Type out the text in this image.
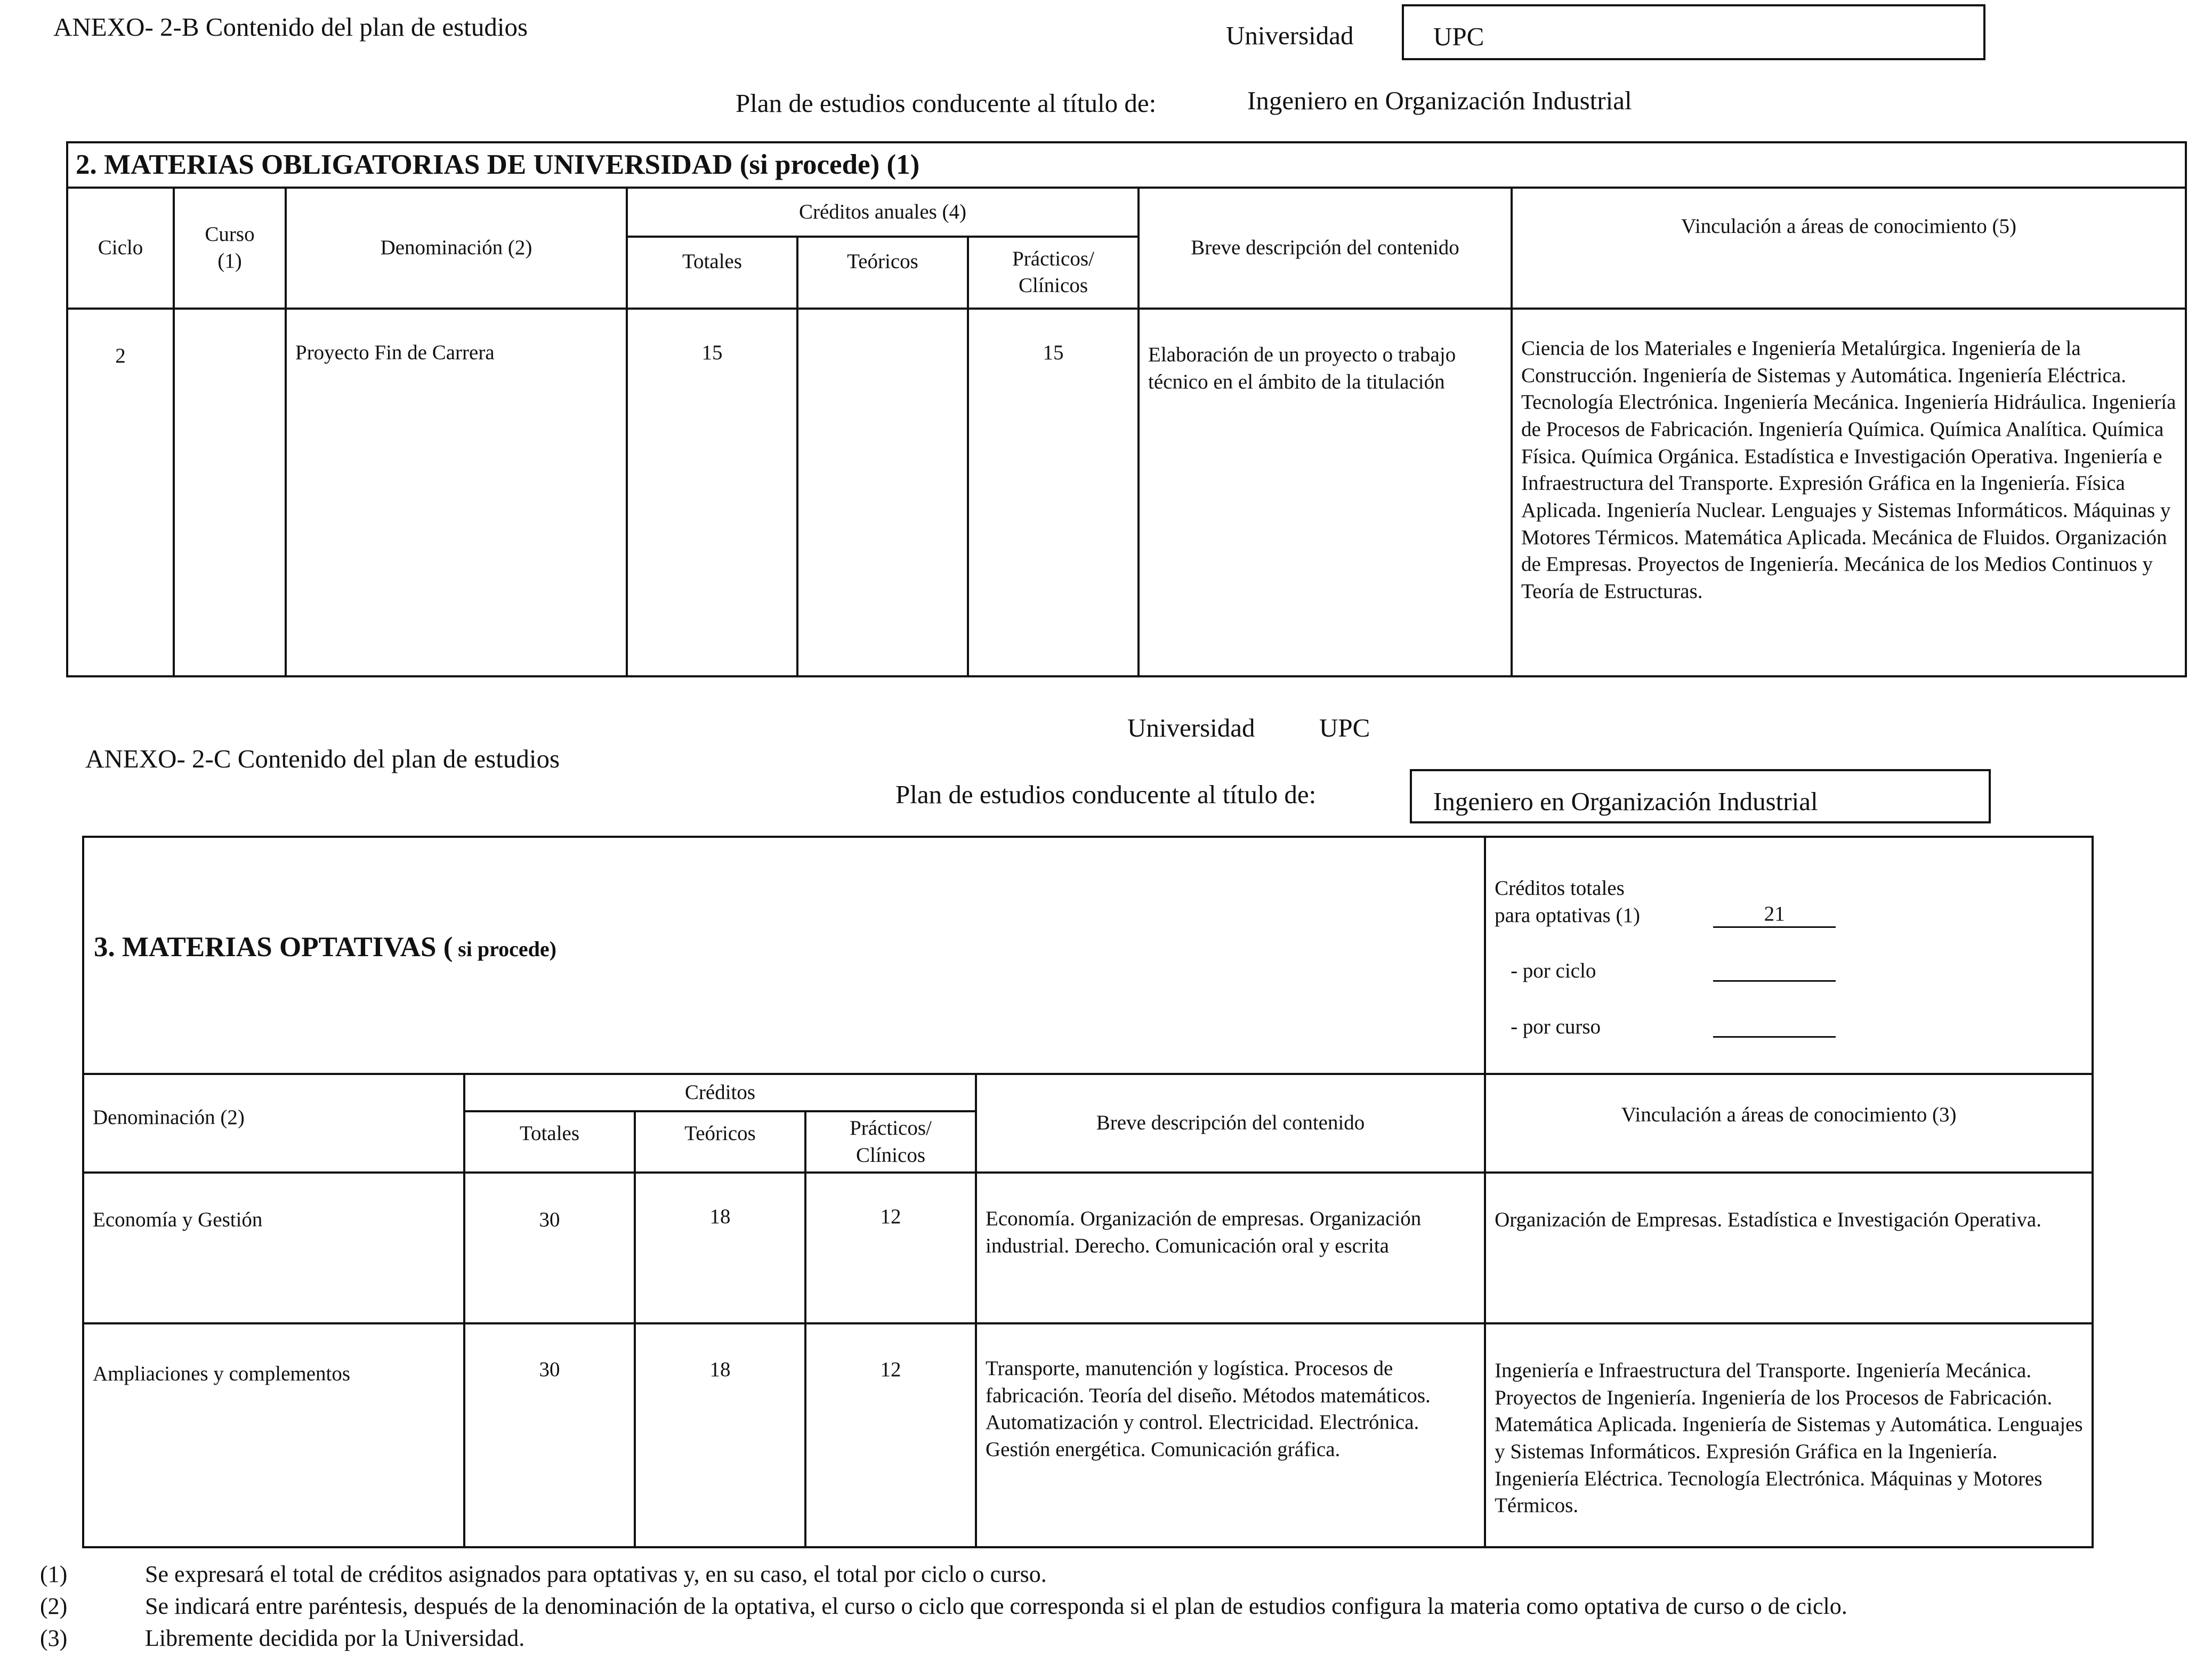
ANEXO- 2-B Contenido del plan de estudios	Universidad	UPC
Plan de estudios conducente al título de:	Ingeniero en Organización Industrial
2. MATERIAS OBLIGATORIAS DE UNIVERSIDAD (si procede) (1)							
Ciclo	Curso (1)	Denominación (2)	Créditos anuales (4)			Breve descripción del contenido	Vinculación a áreas de conocimiento (5)
			Totales	Teóricos	Prácticos/ Clínicos		
2		Proyecto Fin de Carrera	15		15	Elaboración de un proyecto o trabajo técnico en el ámbito de la titulación	Ciencia de los Materiales e Ingeniería Metalúrgica. Ingeniería de la Construcción. Ingeniería de Sistemas y Automática. Ingeniería Eléctrica. Tecnología Electrónica. Ingeniería Mecánica. Ingeniería Hidráulica. Ingeniería de Procesos de Fabricación. Ingeniería Química. Química Analítica. Química Física. Química Orgánica. Estadística e Investigación Operativa. Ingeniería e Infraestructura del Transporte. Expresión Gráfica en la Ingeniería. Física Aplicada. Ingeniería Nuclear. Lenguajes y Sistemas Informáticos. Máquinas y Motores Térmicos. Matemática Aplicada. Mecánica de Fluidos. Organización de Empresas. Proyectos de Ingeniería. Mecánica de los Medios Continuos y Teoría de Estructuras.
Universidad UPC
ANEXO- 2-C Contenido del plan de estudios
Plan de estudios conducente al título de:	Ingeniero en Organización Industrial
3. MATERIAS OPTATIVAS ( si procede)					Créditos totales
para optativas (1) 21
- por ciclo
- por curso

Denominación (2)	Créditos			Breve descripción del contenido	Vinculación a áreas de conocimiento (3)
	Totales	Teóricos	Prácticos/ Clínicos		
Economía y Gestión	30	18	12	Economía. Organización de empresas. Organización industrial. Derecho. Comunicación oral y escrita	Organización de Empresas. Estadística e Investigación Operativa.
Ampliaciones y complementos	30	18	12	Transporte, manutención y logística. Procesos de fabricación. Teoría del diseño. Métodos matemáticos. Automatización y control. Electricidad. Electrónica. Gestión energética. Comunicación gráfica.	Ingeniería e Infraestructura del Transporte. Ingeniería Mecánica. Proyectos de Ingeniería. Ingeniería de los Procesos de Fabricación. Matemática Aplicada. Ingeniería de Sistemas y Automática. Lenguajes y Sistemas Informáticos. Expresión Gráfica en la Ingeniería. Ingeniería Eléctrica. Tecnología Electrónica. Máquinas y Motores Térmicos.
(1)	Se expresará el total de créditos asignados para optativas y, en su caso, el total por ciclo o curso.
(2)	Se indicará entre paréntesis, después de la denominación de la optativa, el curso o ciclo que corresponda si el plan de estudios configura la materia como optativa de curso o de ciclo.
(3)	Libremente decidida por la Universidad.
